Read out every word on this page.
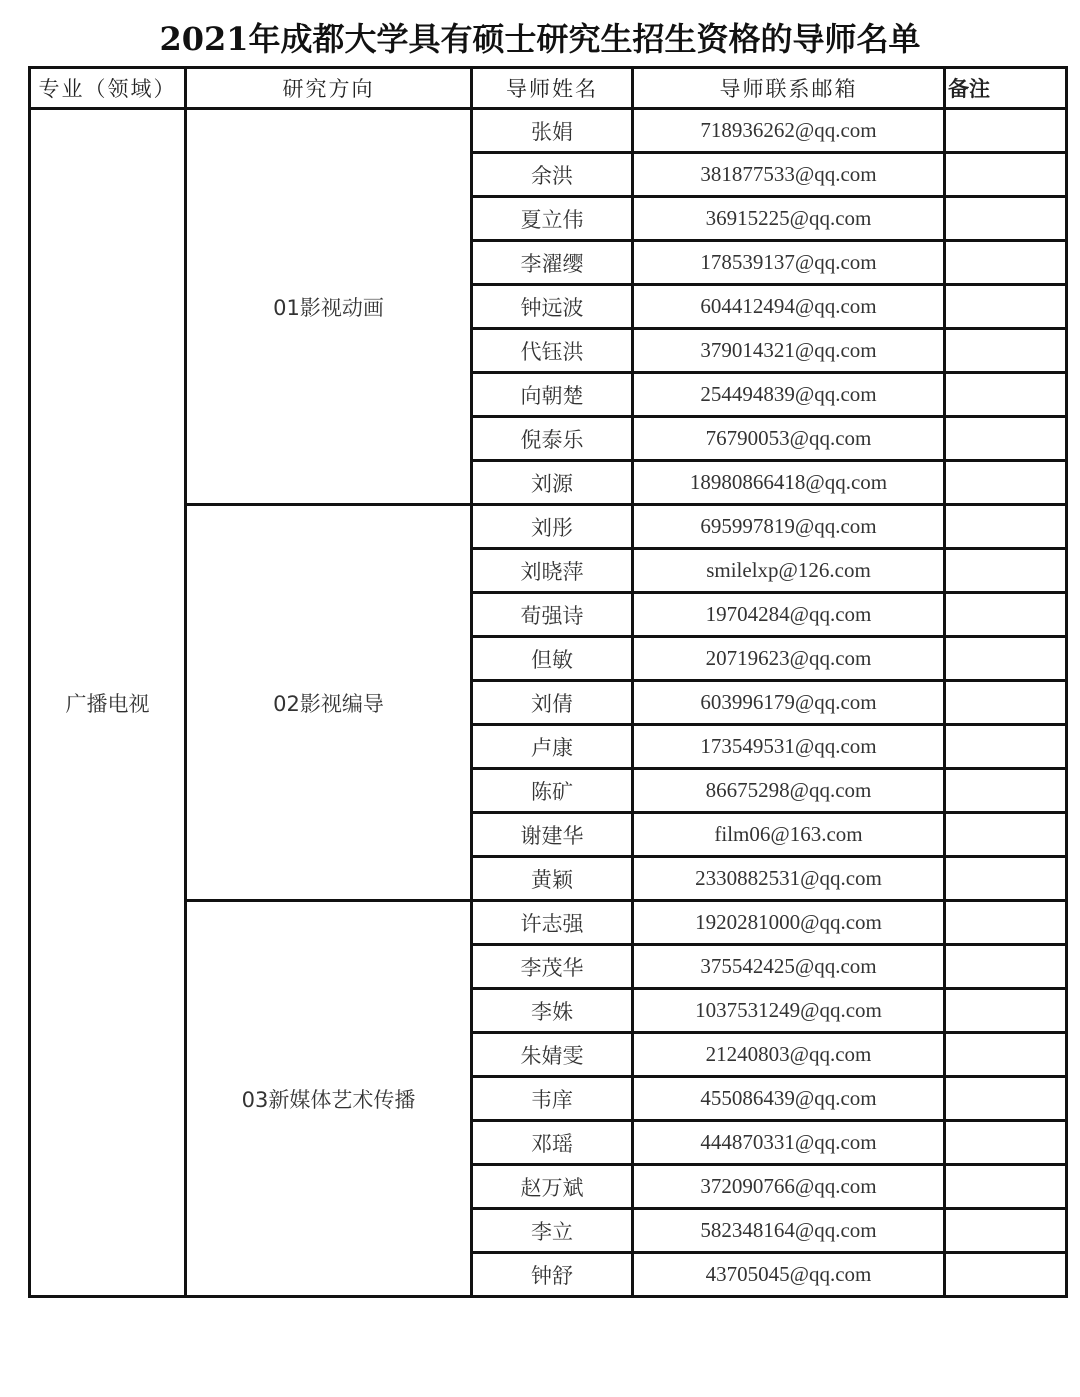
2021年成都大学具有硕士研究生招生资格的导师名单
专业（领域）	研究方向	导师姓名	导师联系邮箱	备注
广播电视	01影视动画	张娟	718936262@qq.com	
		余洪	381877533@qq.com	
		夏立伟	36915225@qq.com	
		李濯缨	178539137@qq.com	
		钟远波	604412494@qq.com	
		代钰洪	379014321@qq.com	
		向朝楚	254494839@qq.com	
		倪泰乐	76790053@qq.com	
		刘源	18980866418@qq.com	
	02影视编导	刘彤	695997819@qq.com	
		刘晓萍	smilelxp@126.com	
		荀强诗	19704284@qq.com	
		但敏	20719623@qq.com	
		刘倩	603996179@qq.com	
		卢康	173549531@qq.com	
		陈矿	86675298@qq.com	
		谢建华	film06@163.com	
		黄颖	2330882531@qq.com	
	03新媒体艺术传播	许志强	1920281000@qq.com	
		李茂华	375542425@qq.com	
		李姝	1037531249@qq.com	
		朱婧雯	21240803@qq.com	
		韦庠	455086439@qq.com	
		邓瑶	444870331@qq.com	
		赵万斌	372090766@qq.com	
		李立	582348164@qq.com	
		钟舒	43705045@qq.com	
